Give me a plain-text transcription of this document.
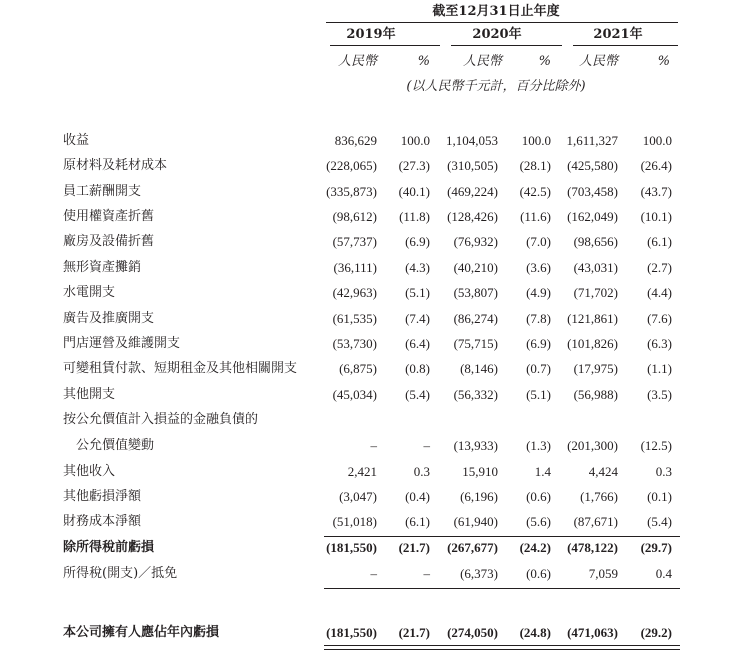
截至12月31日止年度
2019年	2020年	2021年
人民幣	%	人民幣	% 人民幣	%
(以人民幣千元計，百分比除外)
收益	836,629 100.0 1,104,053 100.0 1,611,327 100.0
原材料及耗材成本	(228,065) (27.3) (310,505) (28.1) (425,580) (26.4)
員工薪酬開支	(335,873) (40.1) (469,224) (42.5) (703,458) (43.7)
使用權資產折舊	(98,612) (11.8) (128,426) (11.6) (162,049) (10.1)
廠房及設備折舊	(57,737) (6.9) (76,932) (7.0) (98,656) (6.1)
無形資產攤銷	(36,111) (4.3) (40,210) (3.6) (43,031) (2.7)
水電開支	(42,963) (5.1) (53,807) (4.9) (71,702) (4.4)
廣告及推廣開支	(61,535) (7.4) (86,274) (7.8) (121,861) (7.6)
門店運營及維護開支	(53,730) (6.4) (75,715) (6.9) (101,826) (6.3)
可變租賃付款、短期租金及其他相關開支	(6,875) (0.8) (8,146) (0.7) (17,975) (1.1)
其他開支	(45,034) (5.4) (56,332) (5.1) (56,988) (3.5)
按公允價值計入損益的金融負債的
公允價值變動	–	– (13,933) (1.3) (201,300) (12.5)
其他收入	2,421	0.3 15,910	1.4	4,424	0.3
其他虧損淨額	(3,047) (0.4) (6,196) (0.6) (1,766) (0.1)
財務成本淨額	(51,018) (6.1) (61,940) (5.6) (87,671) (5.4)
除所得稅前虧損	(181,550) (21.7) (267,677) (24.2) (478,122) (29.7)
所得稅(開支)／抵免	–	– (6,373) (0.6)	7,059	0.4
本公司擁有人應佔年內虧損	(181,550) (21.7) (274,050) (24.8) (471,063) (29.2)
